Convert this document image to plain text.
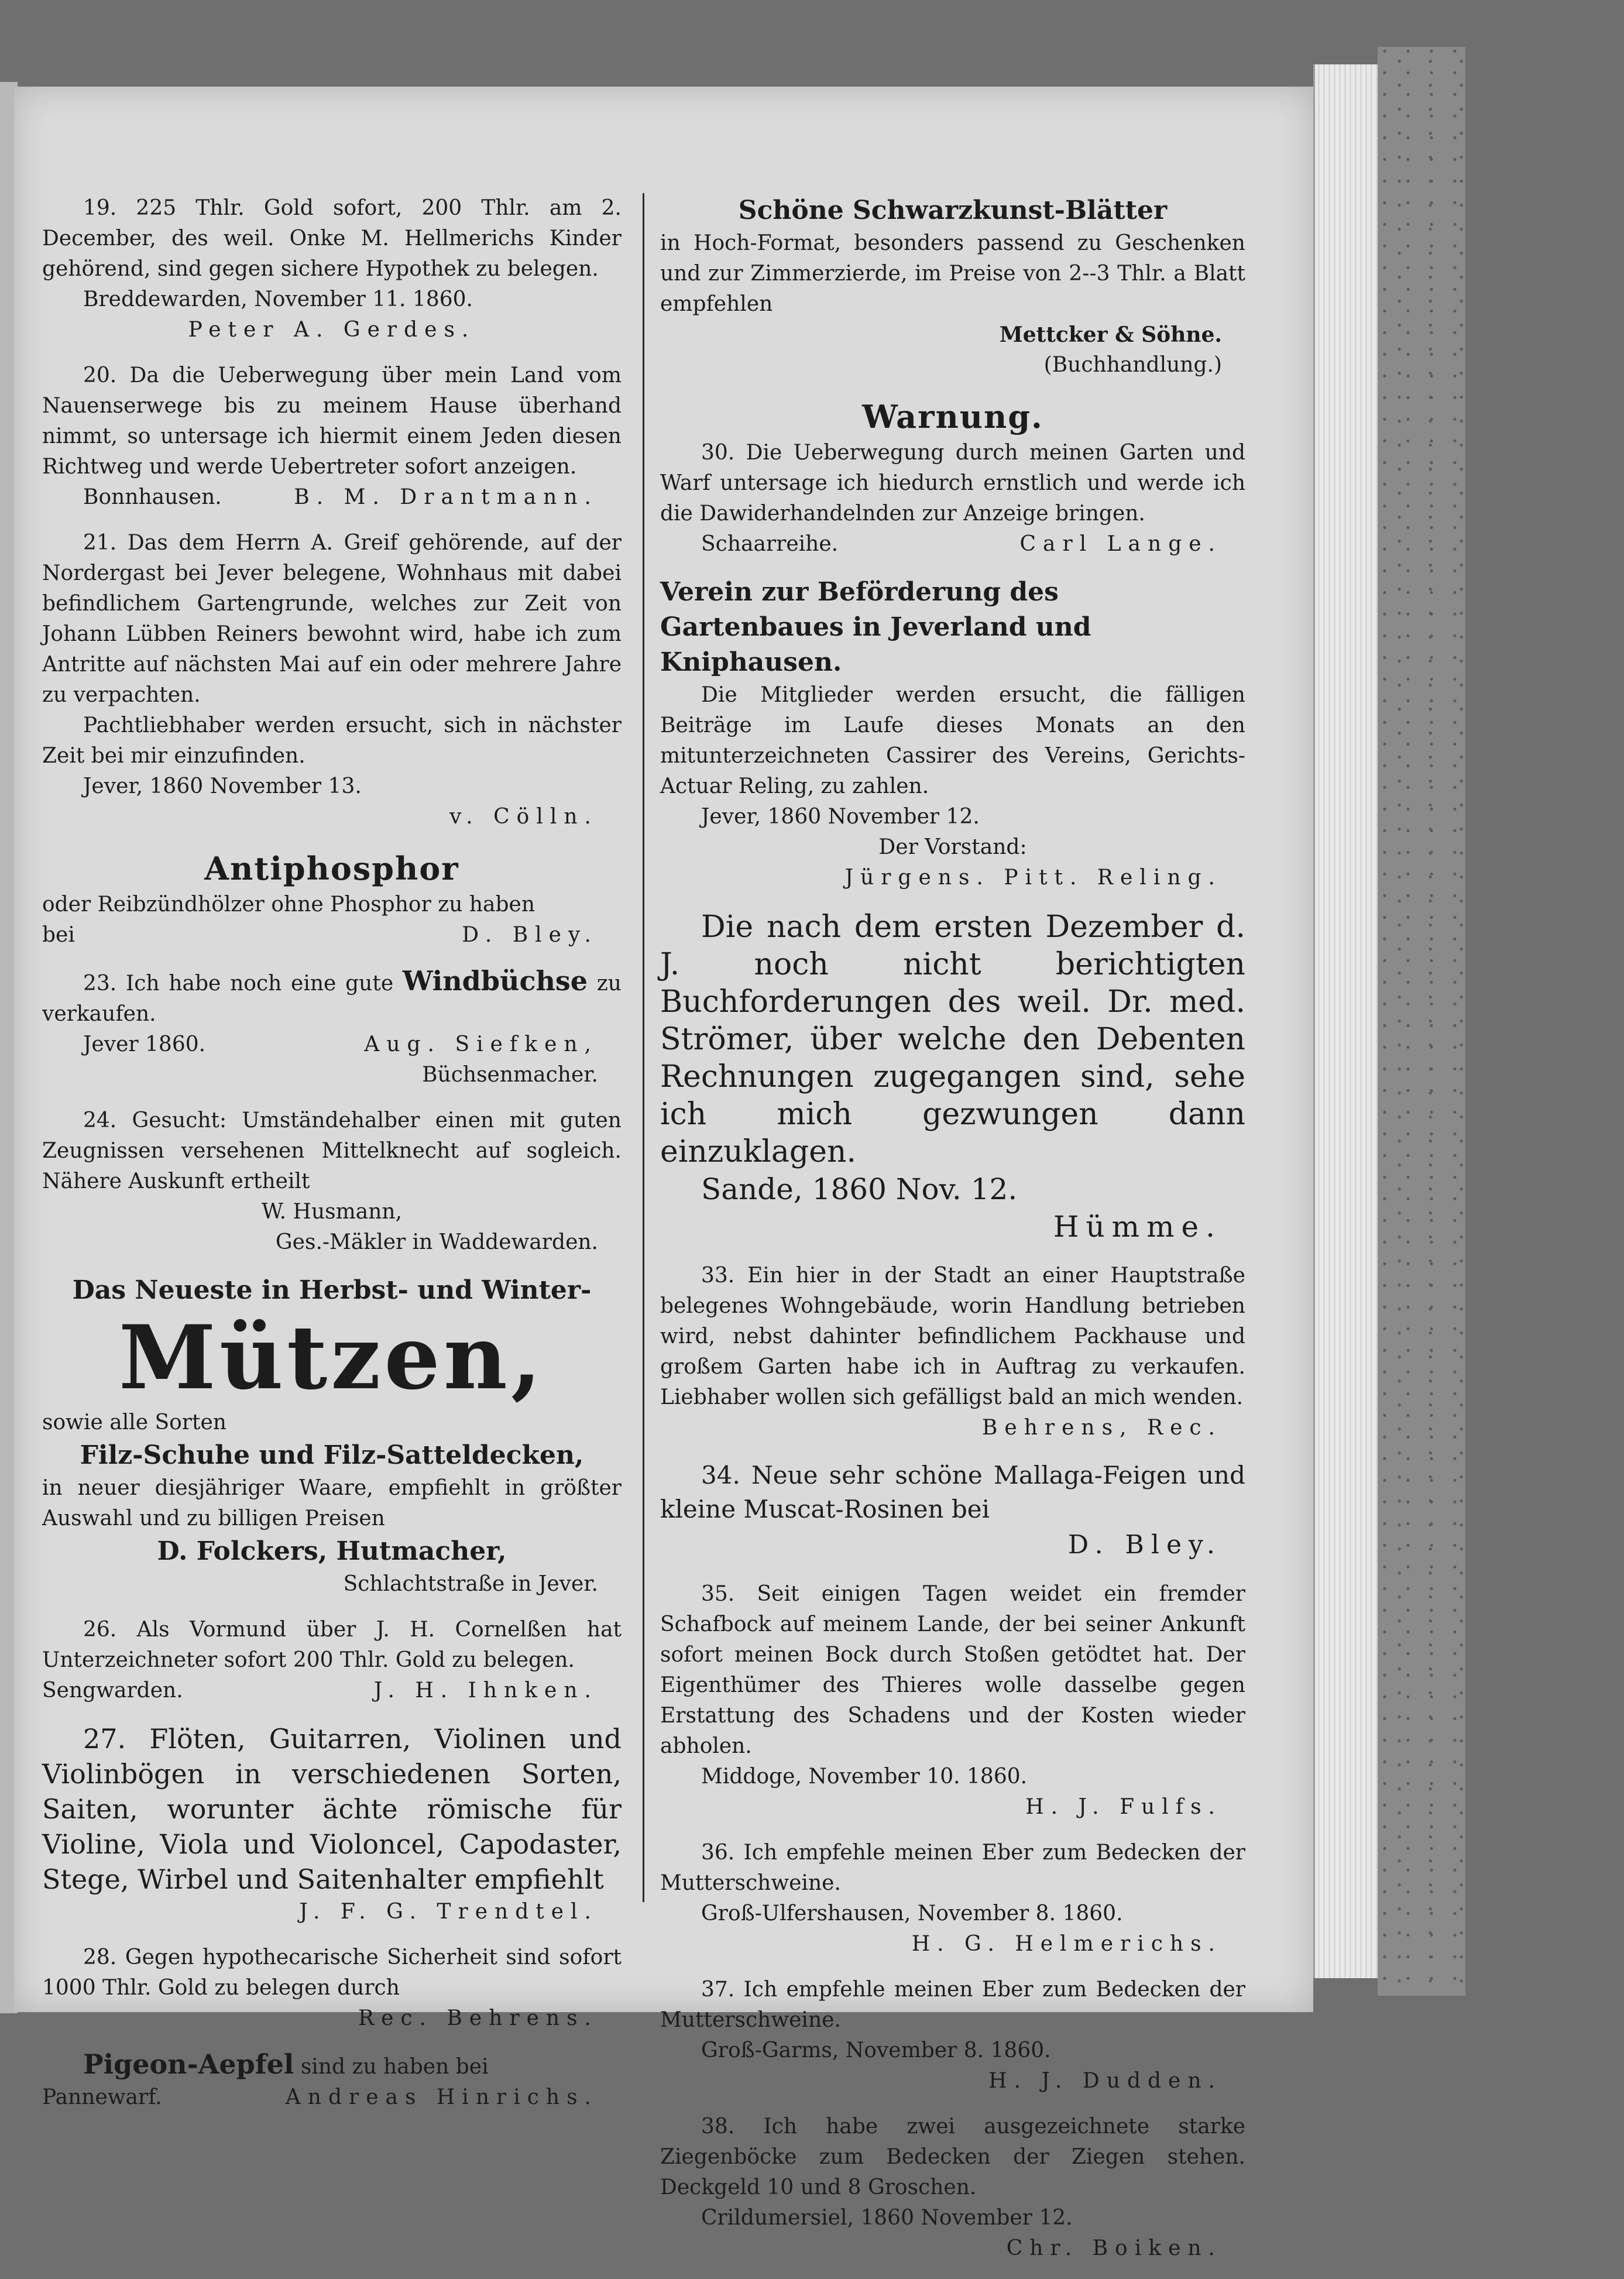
19. 225 Thlr. Gold sofort, 200 Thlr. am 2. December, des weil. Onke M. Hellmerichs Kinder gehörend, sind gegen sichere Hypothek zu belegen.

Breddewarden, November 11. 1860.

Peter A. Gerdes.

20. Da die Ueberwegung über mein Land vom Nauenserwege bis zu meinem Hause überhand nimmt, so untersage ich hiermit einem Jeden diesen Richtweg und werde Uebertreter sofort anzeigen.

Bonnhausen.	B. M. Drantmann.

21. Das dem Herrn A. Greif gehörende, auf der Nordergast bei Jever belegene, Wohnhaus mit dabei befindlichem Gartengrunde, welches zur Zeit von Johann Lübben Reiners bewohnt wird, habe ich zum Antritte auf nächsten Mai auf ein oder mehrere Jahre zu verpachten.

Pachtliebhaber werden ersucht, sich in nächster Zeit bei mir einzufinden.

Jever, 1860 November 13.

v. Cölln.

Antiphosphor

oder Reibzündhölzer ohne Phosphor zu haben

bei	D. Bley.

23. Ich habe noch eine gute Windbüchse zu verkaufen.

Jever 1860.	Aug. Siefken,

Büchsenmacher.

24. Gesucht: Umständehalber einen mit guten Zeugnissen versehenen Mittelknecht auf sogleich. Nähere Auskunft ertheilt

W. Husmann,

Ges.-Mäkler in Waddewarden.

Das Neueste in Herbst- und Winter-
Mützen,

sowie alle Sorten

Filz-Schuhe und Filz-Satteldecken,

in neuer diesjähriger Waare, empfiehlt in größter Auswahl und zu billigen Preisen

D. Folckers, Hutmacher,

Schlachtstraße in Jever.

26. Als Vormund über J. H. Cornelßen hat Unterzeichneter sofort 200 Thlr. Gold zu belegen.

Sengwarden.	J. H. Ihnken.

27. Flöten, Guitarren, Violinen und Violinbögen in verschiedenen Sorten, Saiten, worunter ächte römische für Violine, Viola und Violoncel, Capodaster, Stege, Wirbel und Saitenhalter empfiehlt

J. F. G. Trendtel.

28. Gegen hypothecarische Sicherheit sind sofort 1000 Thlr. Gold zu belegen durch

Rec. Behrens.

Pigeon-Aepfel sind zu haben bei

Pannewarf.	Andreas Hinrichs.
Schöne Schwarzkunst-Blätter

in Hoch-Format, besonders passend zu Geschenken und zur Zimmerzierde, im Preise von 2--3 Thlr. a Blatt empfehlen

Mettcker & Söhne.

(Buchhandlung.)

Warnung.

30. Die Ueberwegung durch meinen Garten und Warf untersage ich hiedurch ernstlich und werde ich die Dawiderhandelnden zur Anzeige bringen.

Schaarreihe.	Carl Lange.
Verein zur Beförderung des Gartenbaues in Jeverland und Kniphausen.

Die Mitglieder werden ersucht, die fälligen Beiträge im Laufe dieses Monats an den mitunterzeichneten Cassirer des Vereins, Gerichts-Actuar Reling, zu zahlen.

Jever, 1860 November 12.

Der Vorstand:

Jürgens. Pitt. Reling.

Die nach dem ersten Dezember d. J. noch nicht berichtigten Buchforderungen des weil. Dr. med. Strömer, über welche den Debenten Rechnungen zugegangen sind, sehe ich mich gezwungen dann einzuklagen.

Sande, 1860 Nov. 12.

Hümme.

33. Ein hier in der Stadt an einer Hauptstraße belegenes Wohngebäude, worin Handlung betrieben wird, nebst dahinter befindlichem Packhause und großem Garten habe ich in Auftrag zu verkaufen. Liebhaber wollen sich gefälligst bald an mich wenden.

Behrens, Rec.

34. Neue sehr schöne Mallaga-Feigen und kleine Muscat-Rosinen bei

D. Bley.

35. Seit einigen Tagen weidet ein fremder Schafbock auf meinem Lande, der bei seiner Ankunft sofort meinen Bock durch Stoßen getödtet hat. Der Eigenthümer des Thieres wolle dasselbe gegen Erstattung des Schadens und der Kosten wieder abholen.

Middoge, November 10. 1860.

H. J. Fulfs.

36. Ich empfehle meinen Eber zum Bedecken der Mutterschweine.

Groß-Ulfershausen, November 8. 1860.

H. G. Helmerichs.

37. Ich empfehle meinen Eber zum Bedecken der Mutterschweine.

Groß-Garms, November 8. 1860.

H. J. Dudden.

38. Ich habe zwei ausgezeichnete starke Ziegenböcke zum Bedecken der Ziegen stehen. Deckgeld 10 und 8 Groschen.

Crildumersiel, 1860 November 12.

Chr. Boiken.
